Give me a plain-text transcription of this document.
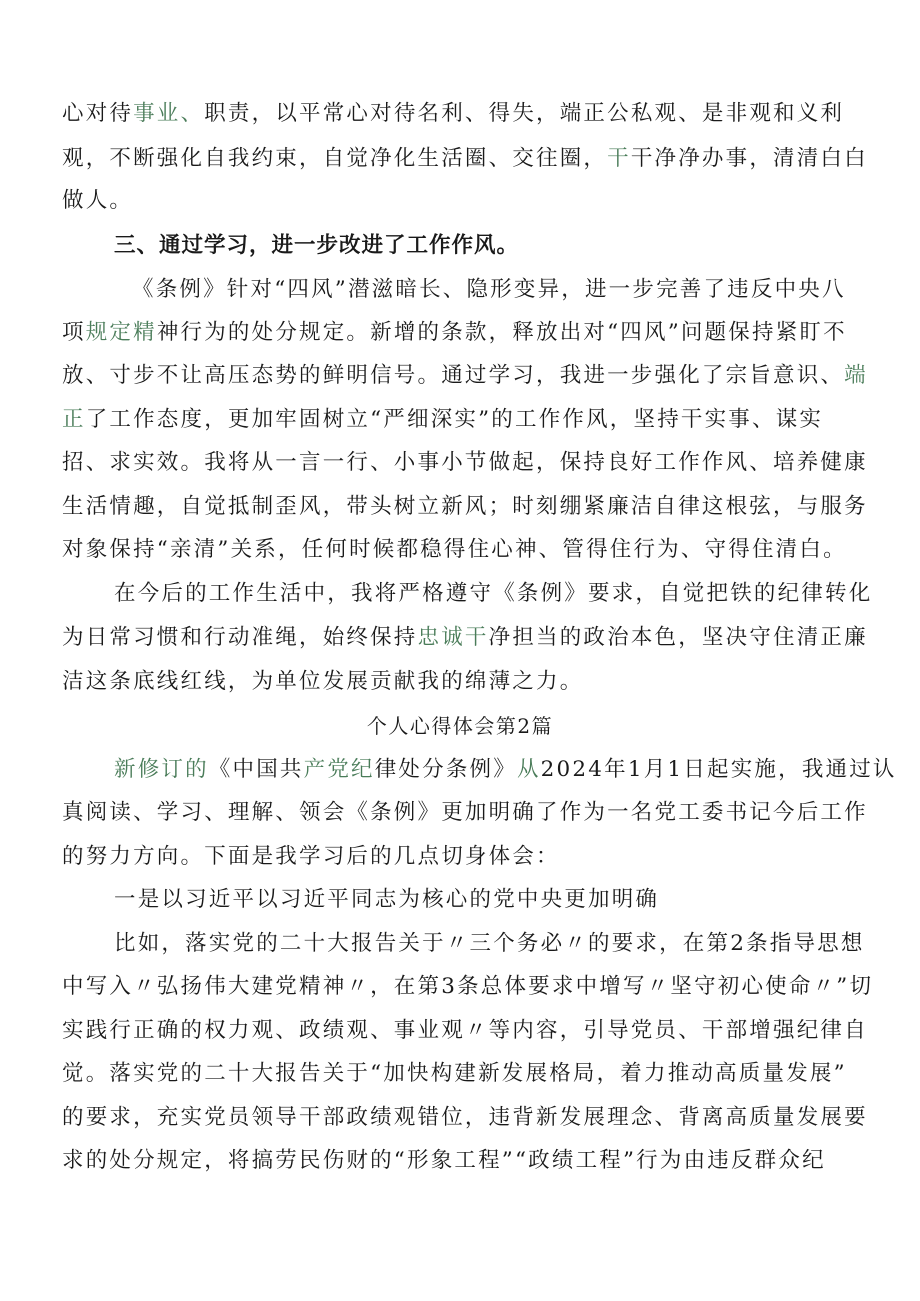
心对待事业、职责，以平常心对待名利、得失，端正公私观、是非观和义利
观，不断强化自我约束，自觉净化生活圈、交往圈，干干净净办事，清清白白
做人。
三、通过学习，进一步改进了工作作风。
《条例》针对“四风”潜滋暗长、隐形变异，进一步完善了违反中央八
项规定精神行为的处分规定。新增的条款，释放出对“四风”问题保持紧盯不
放、寸步不让高压态势的鲜明信号。通过学习，我进一步强化了宗旨意识、端
正了工作态度，更加牢固树立“严细深实”的工作作风，坚持干实事、谋实
招、求实效。我将从一言一行、小事小节做起，保持良好工作作风、培养健康
生活情趣，自觉抵制歪风，带头树立新风；时刻绷紧廉洁自律这根弦，与服务
对象保持“亲清”关系，任何时候都稳得住心神、管得住行为、守得住清白。
在今后的工作生活中，我将严格遵守《条例》要求，自觉把铁的纪律转化
为日常习惯和行动准绳，始终保持忠诚干净担当的政治本色，坚决守住清正廉
洁这条底线红线，为单位发展贡献我的绵薄之力。
个人心得体会第2篇
新修订的《中国共产党纪律处分条例》从2024年1月1日起实施，我通过认
真阅读、学习、理解、领会《条例》更加明确了作为一名党工委书记今后工作
的努力方向。下面是我学习后的几点切身体会：
一是以习近平以习近平同志为核心的党中央更加明确
比如，落实党的二十大报告关于〃三个务必〃的要求，在第2条指导思想
中写入〃弘扬伟大建党精神〃，在第3条总体要求中增写〃坚守初心使命〃”切
实践行正确的权力观、政绩观、事业观〃等内容，引导党员、干部增强纪律自
觉。落实党的二十大报告关于“加快构建新发展格局，着力推动高质量发展”
的要求，充实党员领导干部政绩观错位，违背新发展理念、背离高质量发展要
求的处分规定，将搞劳民伤财的“形象工程”“政绩工程”行为由违反群众纪
